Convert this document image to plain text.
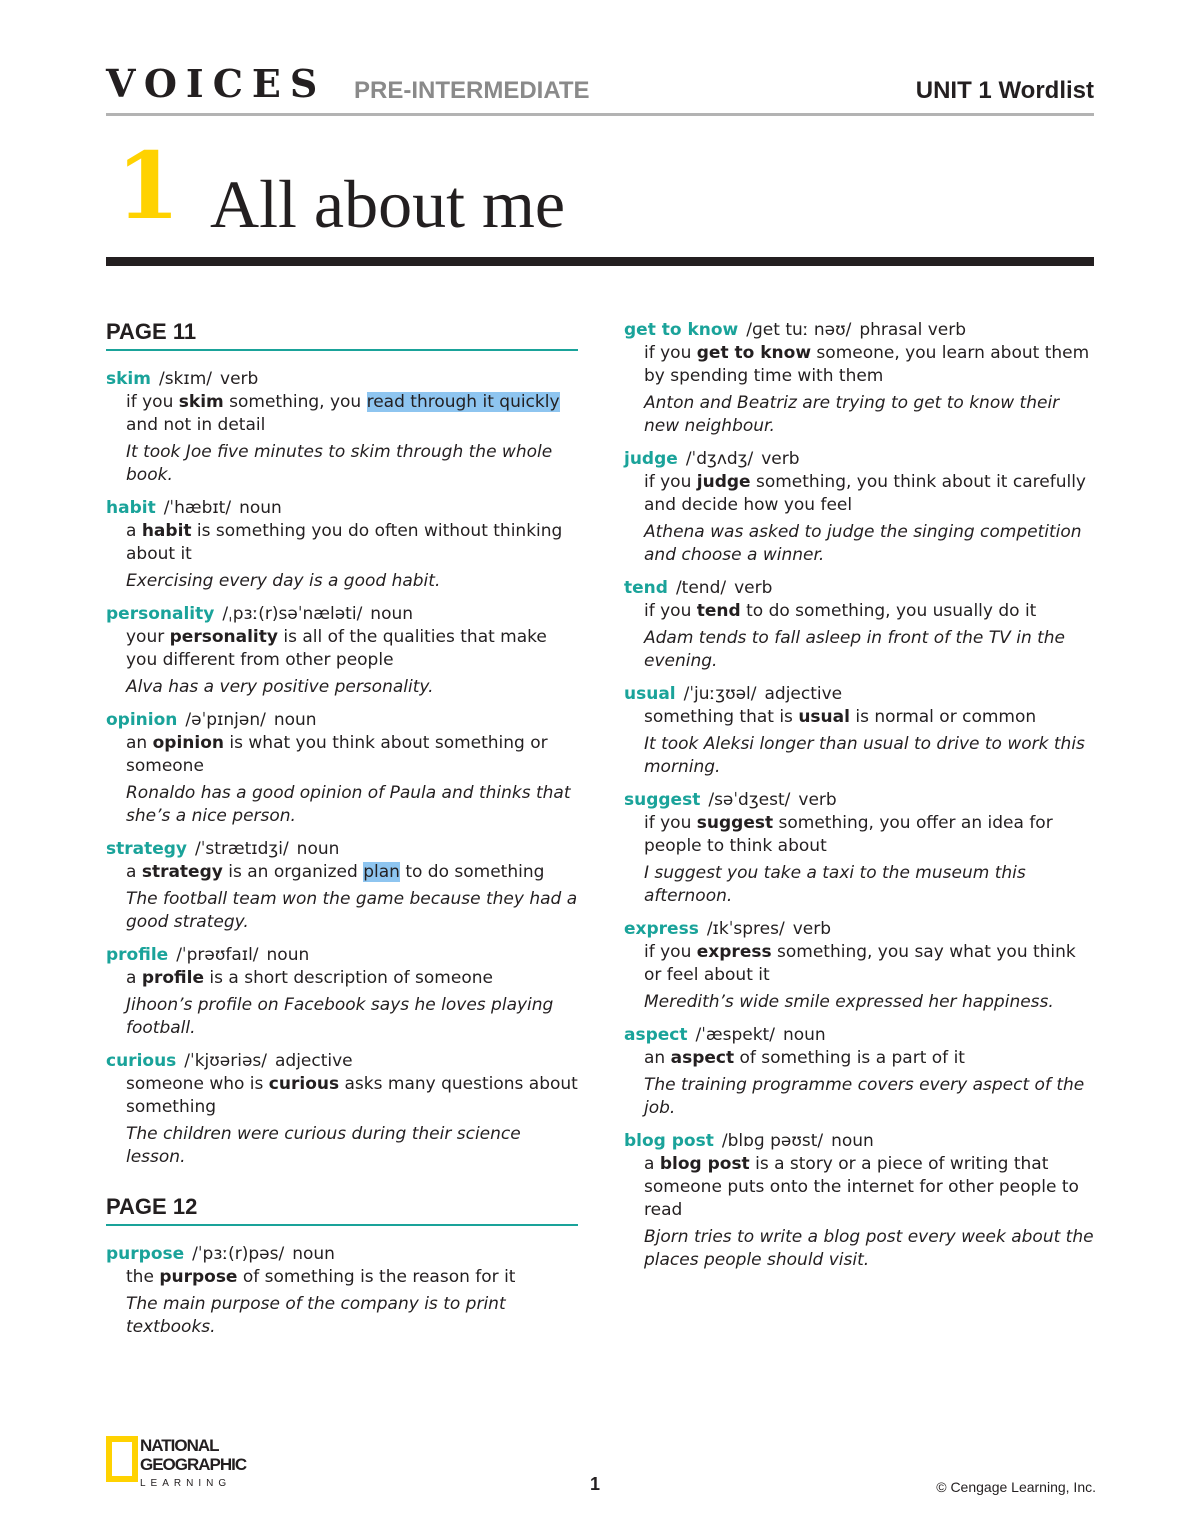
VOICES PRE-INTERMEDIATE	UNIT 1 Wordlist
1 All about me
PAGE 11
skim /skɪm/ verb
if you skim something, you read through it quickly and not in detail
It took Joe five minutes to skim through the whole book.
habit /ˈhæbɪt/ noun
a habit is something you do often without thinking about it
Exercising every day is a good habit.
personality /ˌpɜː(r)səˈnæləti/ noun
your personality is all of the qualities that make you different from other people
Alva has a very positive personality.
opinion /əˈpɪnjən/ noun
an opinion is what you think about something or someone
Ronaldo has a good opinion of Paula and thinks that she’s a nice person.
strategy /ˈstrætɪdʒi/ noun
a strategy is an organized plan to do something
The football team won the game because they had a good strategy.
profile /ˈprəʊfaɪl/ noun
a profile is a short description of someone
Jihoon’s profile on Facebook says he loves playing football.
curious /ˈkjʊəriəs/ adjective
someone who is curious asks many questions about something
The children were curious during their science lesson.
PAGE 12
purpose /ˈpɜː(r)pəs/ noun
the purpose of something is the reason for it
The main purpose of the company is to print textbooks.
get to know /ɡet tuː nəʊ/ phrasal verb
if you get to know someone, you learn about them by spending time with them
Anton and Beatriz are trying to get to know their new neighbour.
judge /ˈdʒʌdʒ/ verb
if you judge something, you think about it carefully and decide how you feel
Athena was asked to judge the singing competition and choose a winner.
tend /tend/ verb
if you tend to do something, you usually do it
Adam tends to fall asleep in front of the TV in the evening.
usual /ˈjuːʒʊəl/ adjective
something that is usual is normal or common
It took Aleksi longer than usual to drive to work this morning.
suggest /səˈdʒest/ verb
if you suggest something, you offer an idea for people to think about
I suggest you take a taxi to the museum this afternoon.
express /ɪkˈspres/ verb
if you express something, you say what you think or feel about it
Meredith’s wide smile expressed her happiness.
aspect /ˈæspekt/ noun
an aspect of something is a part of it
The training programme covers every aspect of the job.
blog post /blɒɡ pəʊst/ noun
a blog post is a story or a piece of writing that someone puts onto the internet for other people to read
Bjorn tries to write a blog post every week about the places people should visit.
NATIONAL
GEOGRAPHIC
LEARNING	1	© Cengage Learning, Inc.
